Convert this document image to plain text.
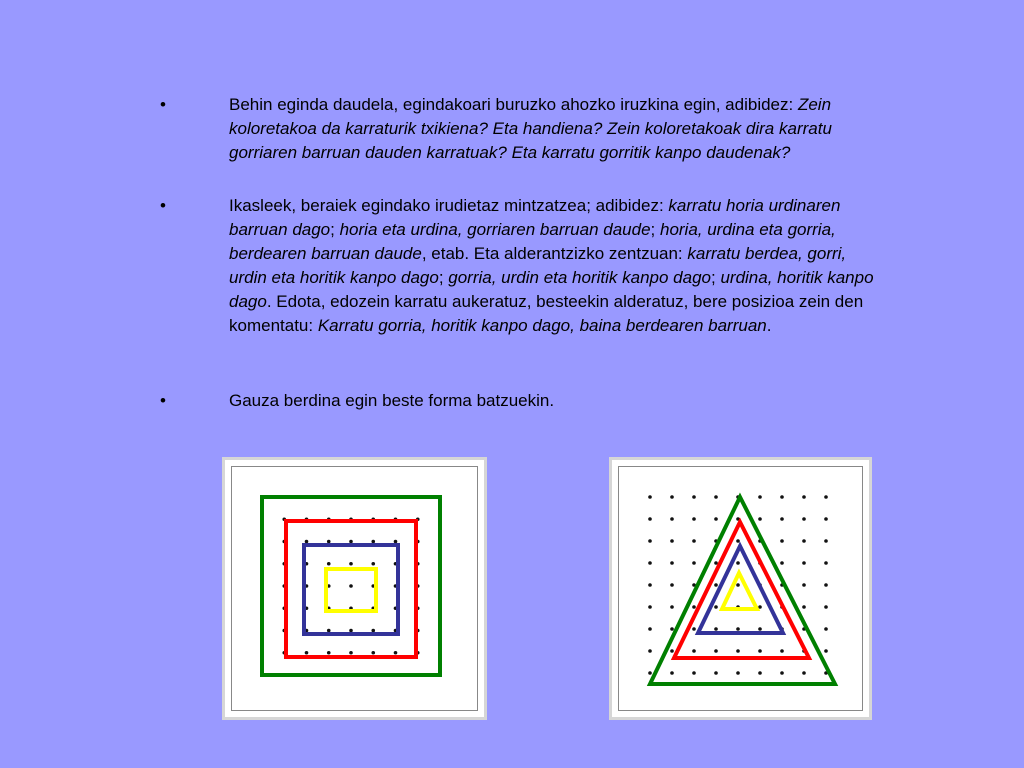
•	Behin eginda daudela, egindakoari buruzko ahozko iruzkina egin, adibidez: Zein koloretakoa da karraturik txikiena? Eta handiena? Zein koloretakoak dira karratu gorriaren barruan dauden karratuak? Eta karratu gorritik kanpo daudenak?
•	Ikasleek, beraiek egindako irudietaz mintzatzea; adibidez: karratu horia urdinaren barruan dago; horia eta urdina, gorriaren barruan daude; horia, urdina eta gorria, berdearen barruan daude, etab. Eta alderantzizko zentzuan: karratu berdea, gorri, urdin eta horitik kanpo dago; gorria, urdin eta horitik kanpo dago; urdina, horitik kanpo dago. Edota, edozein karratu aukeratuz, besteekin alderatuz, bere posizioa zein den komentatu: Karratu gorria, horitik kanpo dago, baina berdearen barruan.
•	Gauza berdina egin beste forma batzuekin.
